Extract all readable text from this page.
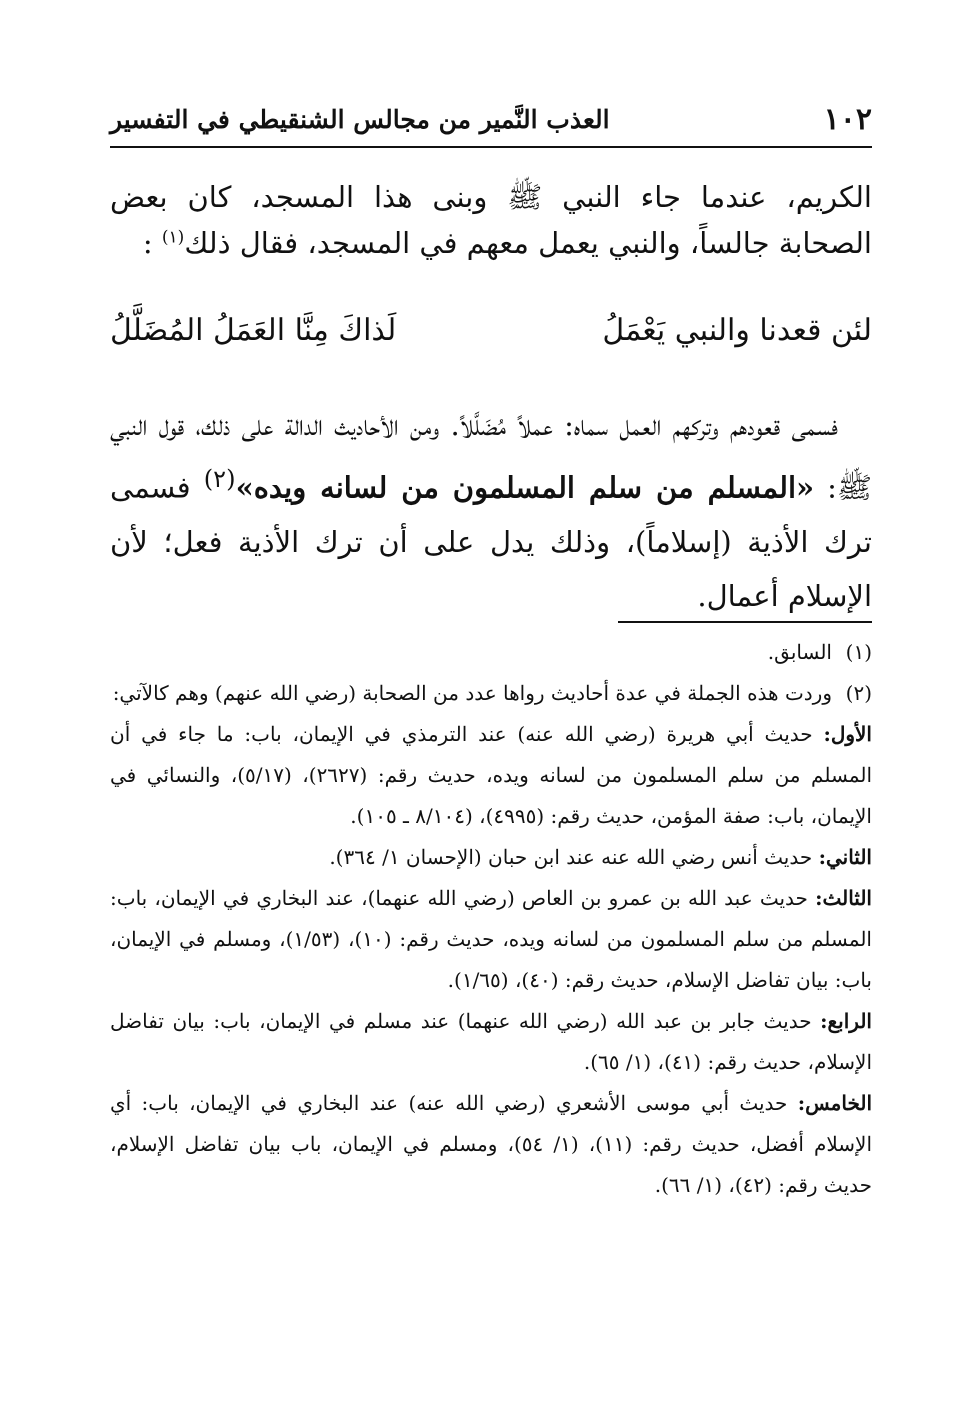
١٠٢
العذب النَّمير من مجالس الشنقيطي في التفسير

الكريم، عندما جاء النبي ﷺ وبنى هذا المسجد، كان بعض الصحابة جالساً، والنبي يعمل معهم في المسجد، فقال ذلك$^{(١)}$ :

لئن قعدنا والنبي يَعْمَلُ
لَذاكَ مِنَّا العَمَلُ المُضَلَّلُ

فسمى قعودهم وتركهم العمل سماه: عملاً مُضَلَّلاً. ومن الأحاديث الدالة على ذلك، قول النبي ﷺ: «المسلم من سلم المسلمون من لسانه ويده»$^{(٢)}$ فسمى ترك الأذية (إسلاماً)، وذلك يدل على أن ترك الأذية فعل؛ لأن الإسلام أعمال.

(١)السابق.

(٢)وردت هذه الجملة في عدة أحاديث رواها عدد من الصحابة (رضي الله عنهم) وهم كالآتي:

الأول: حديث أبي هريرة (رضي الله عنه) عند الترمذي في الإيمان، باب: ما جاء في أن المسلم من سلم المسلمون من لسانه ويده، حديث رقم: (٢٦٢٧)، (٥/١٧)، والنسائي في الإيمان، باب: صفة المؤمن، حديث رقم: (٤٩٩٥)، (٨/١٠٤ ـ ١٠٥).

الثاني: حديث أنس رضي الله عنه عند ابن حبان (الإحسان ١/ ٣٦٤).

الثالث: حديث عبد الله بن عمرو بن العاص (رضي الله عنهما)، عند البخاري في الإيمان، باب: المسلم من سلم المسلمون من لسانه ويده، حديث رقم: (١٠)، (١/٥٣)، ومسلم في الإيمان، باب: بيان تفاضل الإسلام، حديث رقم: (٤٠)، (١/٦٥).

الرابع: حديث جابر بن عبد الله (رضي الله عنهما) عند مسلم في الإيمان، باب: بيان تفاضل الإسلام، حديث رقم: (٤١)، (١/ ٦٥).

الخامس: حديث أبي موسى الأشعري (رضي الله عنه) عند البخاري في الإيمان، باب: أي الإسلام أفضل، حديث رقم: (١١)، (١/ ٥٤)، ومسلم في الإيمان، باب بيان تفاضل الإسلام، حديث رقم: (٤٢)، (١/ ٦٦).
